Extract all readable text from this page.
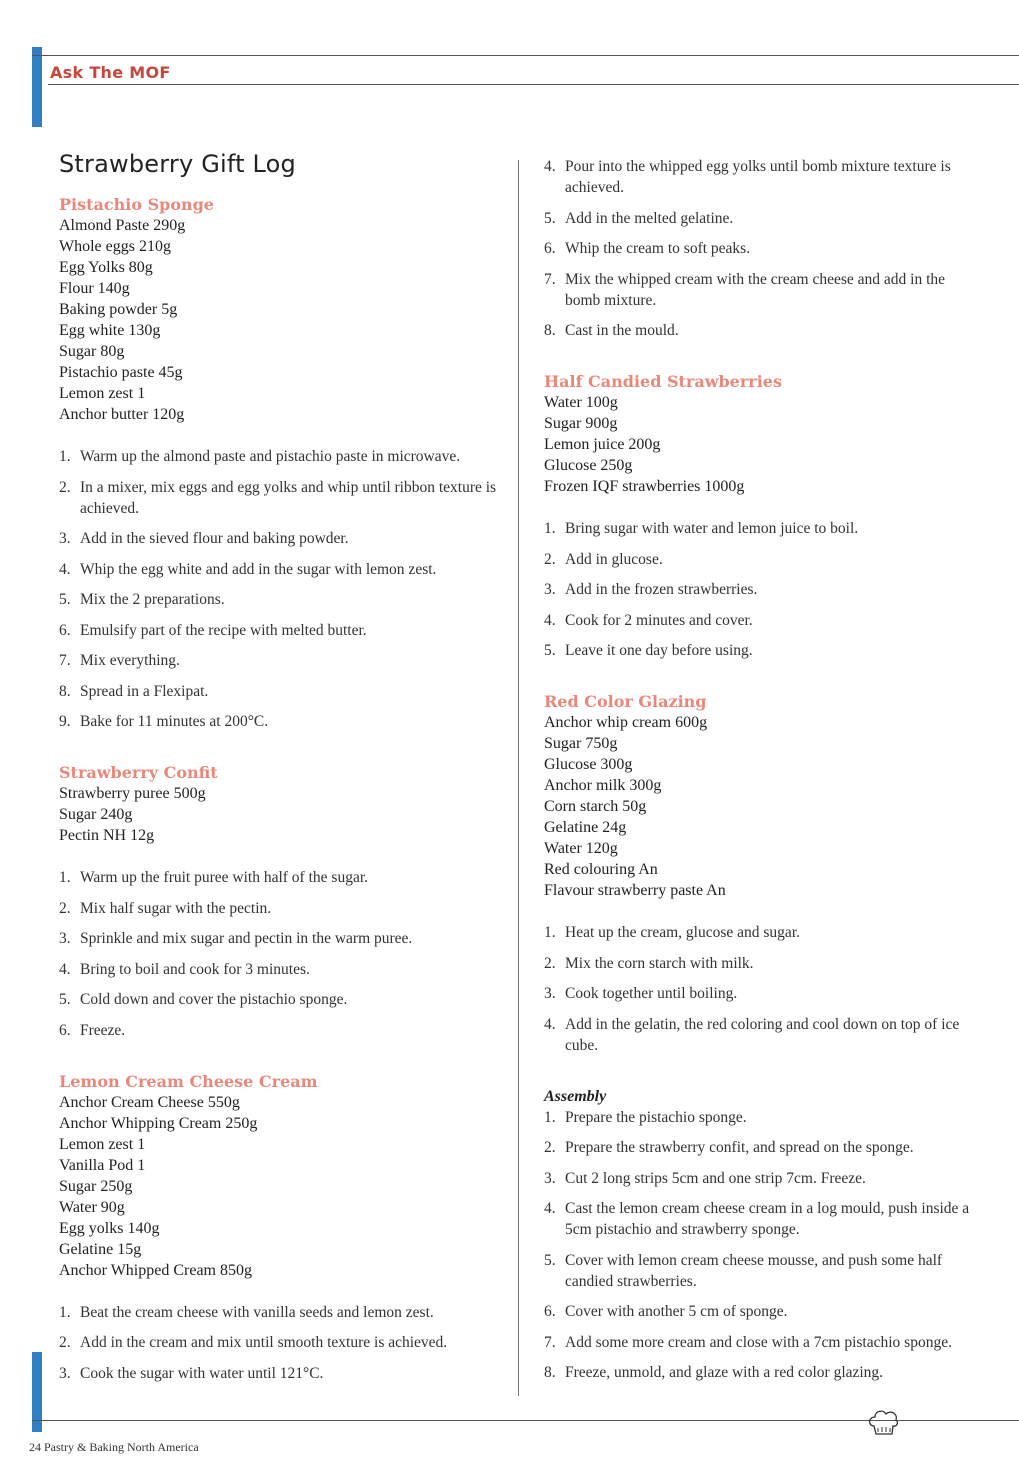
Ask The MOF
Strawberry Gift Log
Pistachio Sponge
Almond Paste 290g
Whole eggs 210g
Egg Yolks 80g
Flour 140g
Baking powder 5g
Egg white 130g
Sugar 80g
Pistachio paste 45g
Lemon zest 1
Anchor butter 120g
1. Warm up the almond paste and pistachio paste in microwave.
2. In a mixer, mix eggs and egg yolks and whip until ribbon texture is achieved.
3. Add in the sieved flour and baking powder.
4. Whip the egg white and add in the sugar with lemon zest.
5. Mix the 2 preparations.
6. Emulsify part of the recipe with melted butter.
7. Mix everything.
8. Spread in a Flexipat.
9. Bake for 11 minutes at 200°C.
Strawberry Confit
Strawberry puree 500g
Sugar 240g
Pectin NH 12g
1. Warm up the fruit puree with half of the sugar.
2. Mix half sugar with the pectin.
3. Sprinkle and mix sugar and pectin in the warm puree.
4. Bring to boil and cook for 3 minutes.
5. Cold down and cover the pistachio sponge.
6. Freeze.
Lemon Cream Cheese Cream
Anchor Cream Cheese 550g
Anchor Whipping Cream 250g
Lemon zest 1
Vanilla Pod 1
Sugar 250g
Water 90g
Egg yolks 140g
Gelatine 15g
Anchor Whipped Cream 850g
1. Beat the cream cheese with vanilla seeds and lemon zest.
2. Add in the cream and mix until smooth texture is achieved.
3. Cook the sugar with water until 121°C.
4. Pour into the whipped egg yolks until bomb mixture texture is achieved.
5. Add in the melted gelatine.
6. Whip the cream to soft peaks.
7. Mix the whipped cream with the cream cheese and add in the bomb mixture.
8. Cast in the mould.
Half Candied Strawberries
Water 100g
Sugar 900g
Lemon juice 200g
Glucose 250g
Frozen IQF strawberries 1000g
1. Bring sugar with water and lemon juice to boil.
2. Add in glucose.
3. Add in the frozen strawberries.
4. Cook for 2 minutes and cover.
5. Leave it one day before using.
Red Color Glazing
Anchor whip cream 600g
Sugar 750g
Glucose 300g
Anchor milk 300g
Corn starch 50g
Gelatine 24g
Water 120g
Red colouring An
Flavour strawberry paste An
1. Heat up the cream, glucose and sugar.
2. Mix the corn starch with milk.
3. Cook together until boiling.
4. Add in the gelatin, the red coloring and cool down on top of ice cube.
Assembly
1. Prepare the pistachio sponge.
2. Prepare the strawberry confit, and spread on the sponge.
3. Cut 2 long strips 5cm and one strip 7cm. Freeze.
4. Cast the lemon cream cheese cream in a log mould, push inside a 5cm pistachio and strawberry sponge.
5. Cover with lemon cream cheese mousse, and push some half candied strawberries.
6. Cover with another 5 cm of sponge.
7. Add some more cream and close with a 7cm pistachio sponge.
8. Freeze, unmold, and glaze with a red color glazing.
24 Pastry & Baking North America
